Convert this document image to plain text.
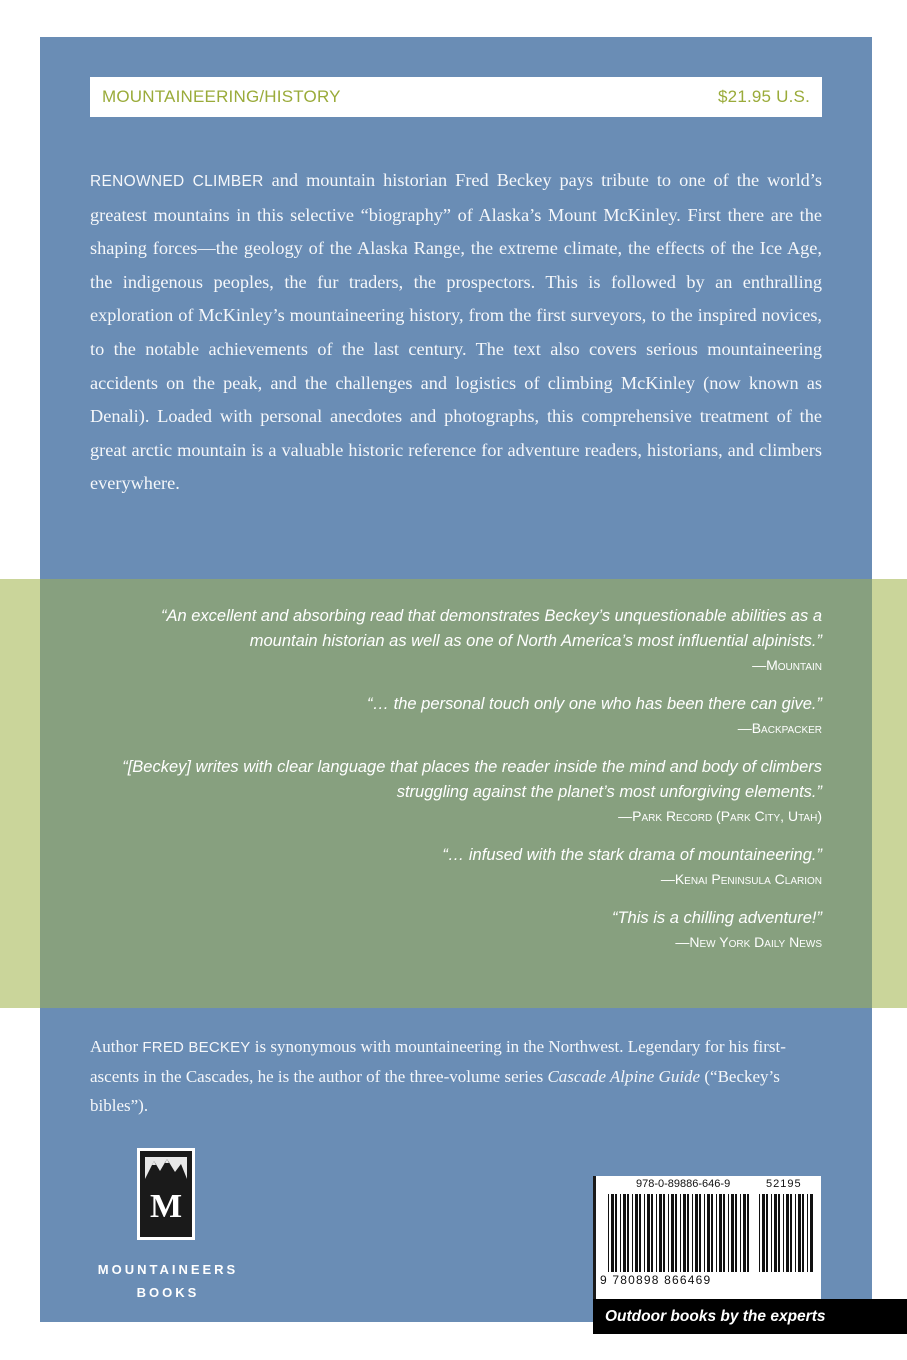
MOUNTAINEERING/HISTORY	$21.95 U.S.
RENOWNED CLIMBER and mountain historian Fred Beckey pays tribute to one of the world’s greatest mountains in this selective “biography” of Alaska’s Mount McKinley. First there are the shaping forces—the geology of the Alaska Range, the extreme climate, the effects of the Ice Age, the indigenous peoples, the fur traders, the prospectors. This is followed by an enthralling exploration of McKinley’s mountaineering history, from the first surveyors, to the inspired novices, to the notable achievements of the last century. The text also covers serious mountaineering accidents on the peak, and the challenges and logistics of climbing McKinley (now known as Denali). Loaded with personal anecdotes and photographs, this comprehensive treatment of the great arctic mountain is a valuable historic reference for adventure readers, historians, and climbers everywhere.
“An excellent and absorbing read that demonstrates Beckey’s unquestionable abilities as a mountain historian as well as one of North America’s most influential alpinists.”
—Mountain
“… the personal touch only one who has been there can give.”
—Backpacker
“[Beckey] writes with clear language that places the reader inside the mind and body of climbers struggling against the planet’s most unforgiving elements.”
—Park Record (Park City, Utah)
“… infused with the stark drama of mountaineering.”
—Kenai Peninsula Clarion
“This is a chilling adventure!”
—New York Daily News
Author FRED BECKEY is synonymous with mountaineering in the Northwest. Legendary for his first-ascents in the Cascades, he is the author of the three-volume series Cascade Alpine Guide (“Beckey’s bibles”).
M
MOUNTAINEERS
BOOKS
978-0-89886-646-9	52195
9 780898 866469
Outdoor books by the experts
